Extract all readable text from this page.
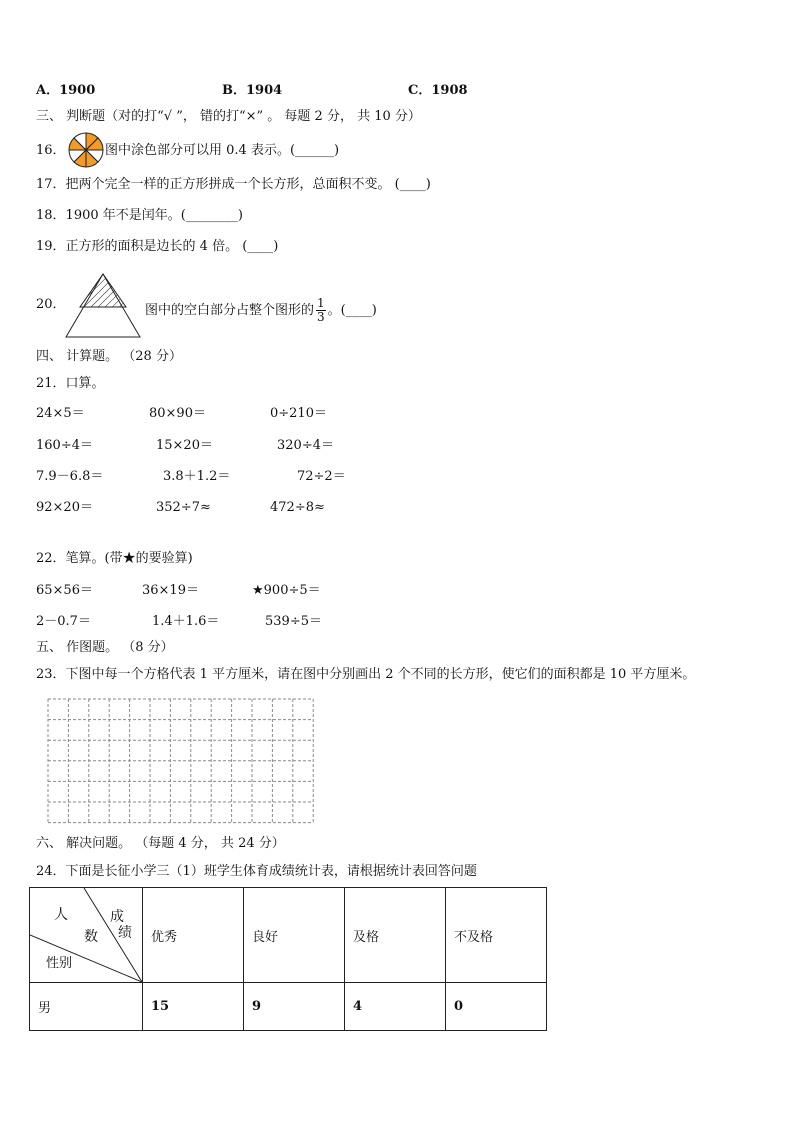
A．1900	B．1904	C．1908
三、 判断题（对的打“√ ”， 错的打“×” 。 每题 2 分， 共 10 分）
16．	图中涂色部分可以用 0.4 表示。(______)
17．把两个完全一样的正方形拼成一个长方形，总面积不变。 (____)
18．1900 年不是闰年。(________)
19．正方形的面积是边长的 4 倍。 (____)
20．	图中的空白部分占整个图形的 $\frac{1}{3}$ 。(____)
四、 计算题。 （28 分）
21．口算。
24×5＝	80×90＝	0÷210＝
160÷4＝	15×20＝	320÷4＝
7.9－6.8＝	3.8＋1.2＝	72÷2＝
92×20＝	352÷7≈	472÷8≈
22．笔算。(带★的要验算)
65×56＝	36×19＝	★900÷5＝
2－0.7＝	1.4＋1.6＝	539÷5＝
五、 作图题。 （8 分）
23．下图中每一个方格代表 1 平方厘米，请在图中分别画出 2 个不同的长方形，使它们的面积都是 10 平方厘米。
六、 解决问题。 （每题 4 分， 共 24 分）
24．下面是长征小学三（1）班学生体育成绩统计表，请根据统计表回答问题
人
数
成
绩
性别	优秀	良好	及格	不及格
男	15	9	4	0
